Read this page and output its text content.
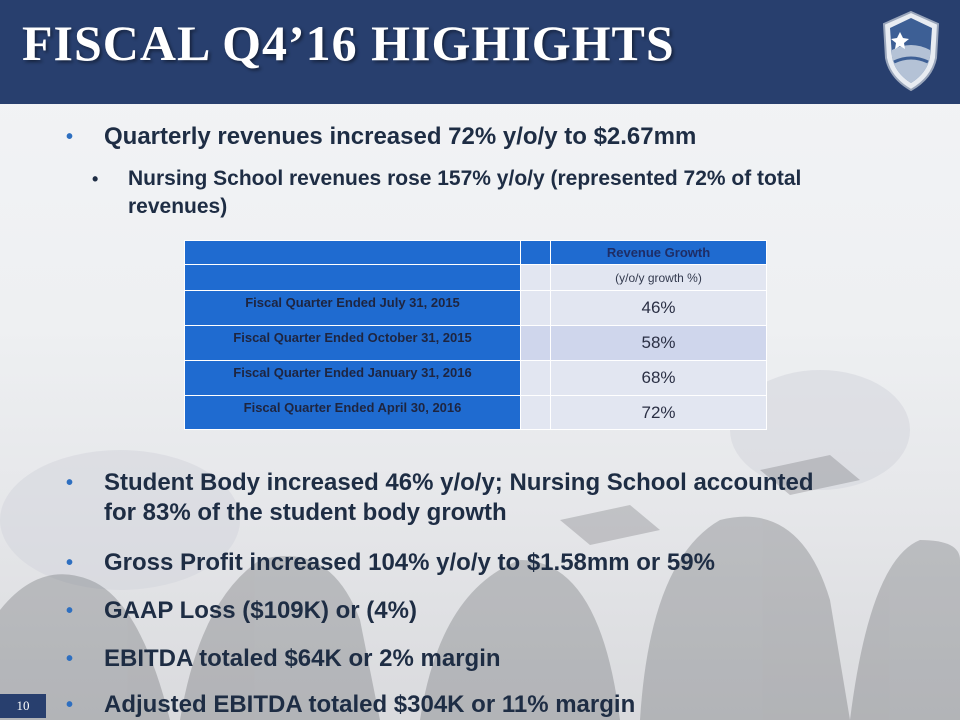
FISCAL Q4’16 HIGHIGHTS
• Quarterly revenues increased 72% y/o/y to $2.67mm
• Nursing School revenues rose 157% y/o/y (represented 72% of total
revenues)
		Revenue Growth
		(y/o/y growth %)
Fiscal Quarter Ended July 31, 2015		46%
Fiscal Quarter Ended October 31, 2015		58%
Fiscal Quarter Ended January 31, 2016		68%
Fiscal Quarter Ended April 30, 2016		72%
• Student Body increased 46% y/o/y; Nursing School accounted
for 83% of the student body growth
• Gross Profit increased 104% y/o/y to $1.58mm or 59%
• GAAP Loss ($109K) or (4%)
• EBITDA totaled $64K or 2% margin
• Adjusted EBITDA totaled $304K or 11% margin
10
